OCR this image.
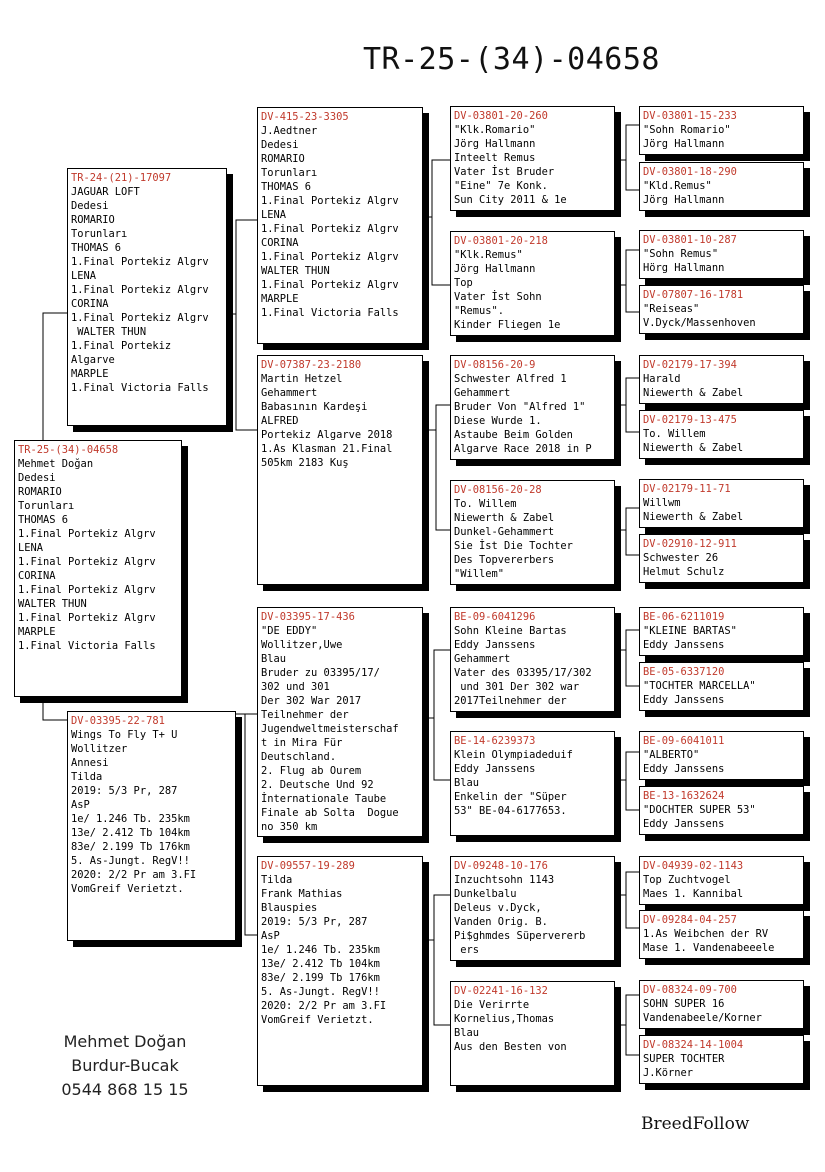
TR-25-(34)-04658
TR-25-(34)-04658
Mehmet Doğan
Dedesi
ROMARIO
Torunları
THOMAS 6
1.Final Portekiz Algrv
LENA
1.Final Portekiz Algrv
CORINA
1.Final Portekiz Algrv
WALTER THUN
1.Final Portekiz Algrv
MARPLE
1.Final Victoria Falls
TR-24-(21)-17097
JAGUAR LOFT
Dedesi
ROMARIO
Torunları
THOMAS 6
1.Final Portekiz Algrv
LENA
1.Final Portekiz Algrv
CORINA
1.Final Portekiz Algrv
WALTER THUN
1.Final Portekiz
Algarve
MARPLE
1.Final Victoria Falls
DV-03395-22-781
Wings To Fly T+ U
Wollitzer
Annesi
Tilda
2019: 5/3 Pr, 287
AsP
1e/ 1.246 Tb. 235km
13e/ 2.412 Tb 104km
83e/ 2.199 Tb 176km
5. As-Jungt. RegV!!
2020: 2/2 Pr am 3.FI
VomGreif Verietzt.
DV-415-23-3305
J.Aedtner
Dedesi
ROMARIO
Torunları
THOMAS 6
1.Final Portekiz Algrv
LENA
1.Final Portekiz Algrv
CORINA
1.Final Portekiz Algrv
WALTER THUN
1.Final Portekiz Algrv
MARPLE
1.Final Victoria Falls
DV-07387-23-2180
Martin Hetzel
Gehammert
Babasının Kardeşi
ALFRED
Portekiz Algarve 2018
1.As Klasman 21.Final
505km 2183 Kuş
DV-03395-17-436
"DE EDDY"
Wollitzer,Uwe
Blau
Bruder zu 03395/17/
302 und 301
Der 302 War 2017
Teilnehmer der
Jugendweltmeisterschaf
t in Mira Für
Deutschland.
2. Flug ab Ourem
2. Deutsche Und 92
İnternationale Taube
Finale ab Solta  Dogue
no 350 km
DV-09557-19-289
Tilda
Frank Mathias
Blauspies
2019: 5/3 Pr, 287
AsP
1e/ 1.246 Tb. 235km
13e/ 2.412 Tb 104km
83e/ 2.199 Tb 176km
5. As-Jungt. RegV!!
2020: 2/2 Pr am 3.FI
VomGreif Verietzt.
DV-03801-20-260
"Klk.Romario"
Jörg Hallmann
Inteelt Remus
Vater İst Bruder
"Eine" 7e Konk.
Sun City 2011 & 1e
DV-03801-20-218
"Klk.Remus"
Jörg Hallmann
Top
Vater İst Sohn
"Remus".
Kinder Fliegen 1e
DV-08156-20-9
Schwester Alfred 1
Gehammert
Bruder Von "Alfred 1"
Diese Wurde 1.
Astaube Beim Golden
Algarve Race 2018 in P
DV-08156-20-28
To. Willem
Niewerth & Zabel
Dunkel-Gehammert
Sie İst Die Tochter
Des Topvererbers
"Willem"
BE-09-6041296
Sohn Kleine Bartas
Eddy Janssens
Gehammert
Vater des 03395/17/302
und 301 Der 302 war
2017Teilnehmer der
BE-14-6239373
Klein Olympiadeduif
Eddy Janssens
Blau
Enkelin der "Süper
53" BE-04-6177653.
DV-09248-10-176
Inzuchtsohn 1143
Dunkelbalu
Deleus v.Dyck,
Vanden Orig. B.
Pi$ghmdes Süpervererb
ers
DV-02241-16-132
Die Verirrte
Kornelius,Thomas
Blau
Aus den Besten von
DV-03801-15-233
"Sohn Romario"
Jörg Hallmann
DV-03801-18-290
"Kld.Remus"
Jörg Hallmann
DV-03801-10-287
"Sohn Remus"
Hörg Hallmann
DV-07807-16-1781
"Reiseas"
V.Dyck/Massenhoven
DV-02179-17-394
Harald
Niewerth & Zabel
DV-02179-13-475
To. Willem
Niewerth & Zabel
DV-02179-11-71
Willwm
Niewerth & Zabel
DV-02910-12-911
Schwester 26
Helmut Schulz
BE-06-6211019
"KLEINE BARTAS"
Eddy Janssens
BE-05-6337120
"TOCHTER MARCELLA"
Eddy Janssens
BE-09-6041011
"ALBERTO"
Eddy Janssens
BE-13-1632624
"DOCHTER SUPER 53"
Eddy Janssens
DV-04939-02-1143
Top Zuchtvogel
Maes 1. Kannibal
DV-09284-04-257
1.As Weibchen der RV
Mase 1. Vandenabeeele
DV-08324-09-700
SOHN SUPER 16
Vandenabeele/Korner
DV-08324-14-1004
SUPER TOCHTER
J.Körner
Mehmet Doğan
Burdur-Bucak
0544 868 15 15
BreedFollow
